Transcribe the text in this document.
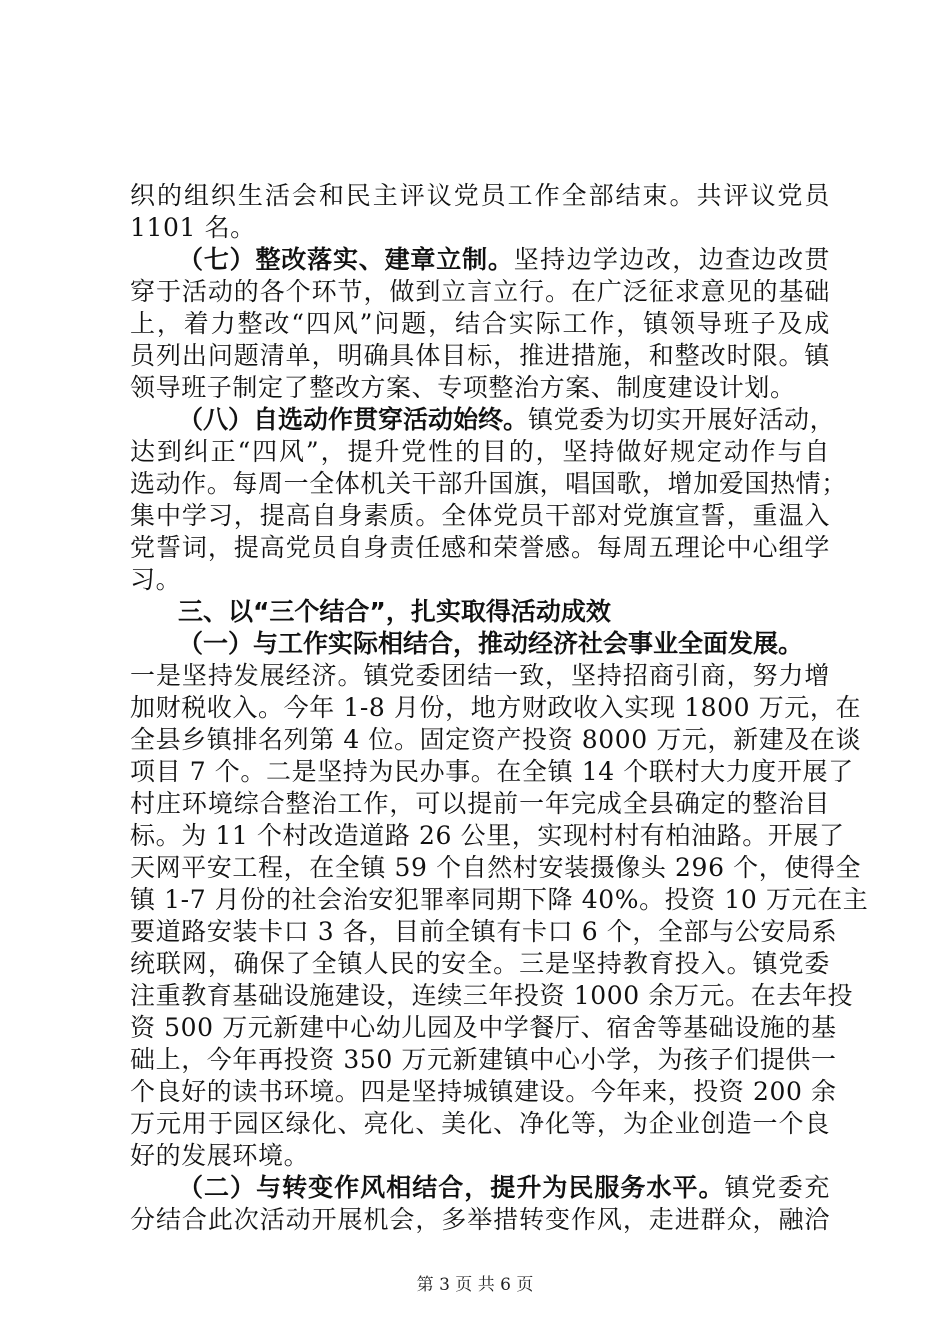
织的组织生活会和民主评议党员工作全部结束。共评议党员
1101 名。
（七）整改落实、建章立制。坚持边学边改，边查边改贯
穿于活动的各个环节，做到立言立行。在广泛征求意见的基础
上，着力整改“四风”问题，结合实际工作，镇领导班子及成
员列出问题清单，明确具体目标，推进措施，和整改时限。镇
领导班子制定了整改方案、专项整治方案、制度建设计划。
（八）自选动作贯穿活动始终。镇党委为切实开展好活动，
达到纠正“四风”，提升党性的目的，坚持做好规定动作与自
选动作。每周一全体机关干部升国旗，唱国歌，增加爱国热情；
集中学习，提高自身素质。全体党员干部对党旗宣誓，重温入
党誓词，提高党员自身责任感和荣誉感。每周五理论中心组学
习。
三、以“三个结合”，扎实取得活动成效
（一）与工作实际相结合，推动经济社会事业全面发展。
一是坚持发展经济。镇党委团结一致，坚持招商引商，努力增
加财税收入。今年 1-8 月份，地方财政收入实现 1800 万元，在
全县乡镇排名列第 4 位。固定资产投资 8000 万元，新建及在谈
项目 7 个。二是坚持为民办事。在全镇 14 个联村大力度开展了
村庄环境综合整治工作，可以提前一年完成全县确定的整治目
标。为 11 个村改造道路 26 公里，实现村村有柏油路。开展了
天网平安工程，在全镇 59 个自然村安装摄像头 296 个，使得全
镇 1-7 月份的社会治安犯罪率同期下降 40%。投资 10 万元在主
要道路安装卡口 3 各，目前全镇有卡口 6 个，全部与公安局系
统联网，确保了全镇人民的安全。三是坚持教育投入。镇党委
注重教育基础设施建设，连续三年投资 1000 余万元。在去年投
资 500 万元新建中心幼儿园及中学餐厅、宿舍等基础设施的基
础上，今年再投资 350 万元新建镇中心小学，为孩子们提供一
个良好的读书环境。四是坚持城镇建设。今年来，投资 200 余
万元用于园区绿化、亮化、美化、净化等，为企业创造一个良
好的发展环境。
（二）与转变作风相结合，提升为民服务水平。镇党委充
分结合此次活动开展机会，多举措转变作风，走进群众，融洽
第 3 页 共 6 页
